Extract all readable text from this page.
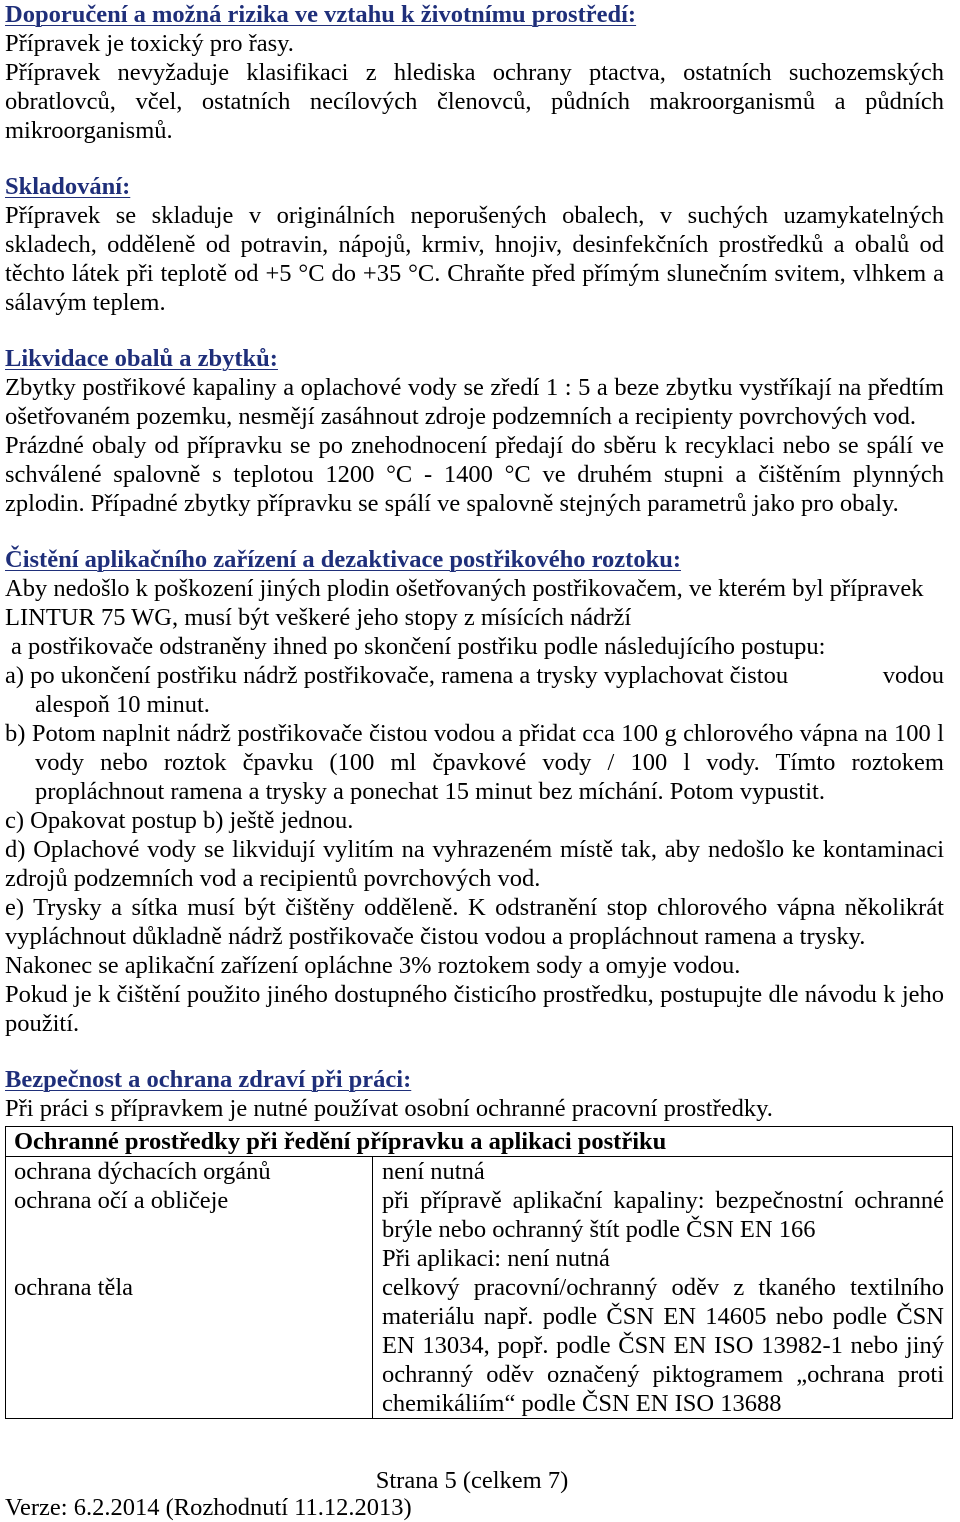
Doporučení a možná rizika ve vztahu k životnímu prostředí:

Přípravek je toxický pro řasy.

Přípravek nevyžaduje klasifikaci z hlediska ochrany ptactva, ostatních suchozemských obratlovců, včel, ostatních necílových členovců, půdních makroorganismů a půdních mikroorganismů.

Skladování:

Přípravek se skladuje v originálních neporušených obalech, v suchých uzamykatelných skladech, odděleně od potravin, nápojů, krmiv, hnojiv, desinfekčních prostředků a obalů od těchto látek při teplotě od +5 °C do +35 °C. Chraňte před přímým slunečním svitem, vlhkem a sálavým teplem.

Likvidace obalů a zbytků:

Zbytky postřikové kapaliny a oplachové vody se zředí 1 : 5 a beze zbytku vystříkají na předtím ošetřovaném pozemku, nesmějí zasáhnout zdroje podzemních a recipienty povrchových vod.

Prázdné obaly od přípravku se po znehodnocení předají do sběru k recyklaci nebo se spálí ve schválené spalovně s teplotou 1200 °C - 1400 °C ve druhém stupni a čištěním plynných zplodin. Případné zbytky přípravku se spálí ve spalovně stejných parametrů jako pro obaly.

Čistění aplikačního zařízení a dezaktivace postřikového roztoku:
Aby nedošlo k poškození jiných plodin ošetřovaných postřikovačem, ve kterém byl přípravek
LINTUR 75 WG, musí být veškeré jeho stopy z mísících nádrží
a postřikovače odstraněny ihned po skončení postřiku podle následujícího postupu:
a) po ukončení postřiku nádrž postřikovače, ramena a trysky vyplachovat čistou	vodou
alespoň 10 minut.
b) Potom naplnit nádrž postřikovače čistou vodou a přidat cca 100 g chlorového vápna na 100 l vody nebo roztok čpavku (100 ml čpavkové vody / 100 l vody. Tímto roztokem propláchnout ramena a trysky a ponechat 15 minut bez míchání. Potom vypustit.
c) Opakovat postup b) ještě jednou.

d) Oplachové vody se likvidují vylitím na vyhrazeném místě tak, aby nedošlo ke kontaminaci zdrojů podzemních vod a recipientů povrchových vod.

e) Trysky a sítka musí být čištěny odděleně. K odstranění stop chlorového vápna několikrát vypláchnout důkladně nádrž postřikovače čistou vodou a propláchnout ramena a trysky.

Nakonec se aplikační zařízení opláchne 3% roztokem sody a omyje vodou.

Pokud je k čištění použito jiného dostupného čisticího prostředku, postupujte dle návodu k jeho použití.

Bezpečnost a ochrana zdraví při práci:

Při práci s přípravkem je nutné používat osobní ochranné pracovní prostředky.

Ochranné prostředky při ředění přípravku a aplikaci postřiku	
ochrana dýchacích orgánů	není nutná

ochrana očí a obličeje	při přípravě aplikační kapaliny: bezpečnostní ochranné brýle nebo ochranný štít podle ČSN EN 166
Při aplikaci: není nutná

ochrana těla	celkový pracovní/ochranný oděv z tkaného textilního materiálu např. podle ČSN EN 14605 nebo podle ČSN EN 13034, popř. podle ČSN EN ISO 13982-1 nebo jiný ochranný oděv označený piktogramem „ochrana proti chemikáliím“ podle ČSN EN ISO 13688
Strana 5 (celkem 7)
Verze: 6.2.2014 (Rozhodnutí 11.12.2013)
